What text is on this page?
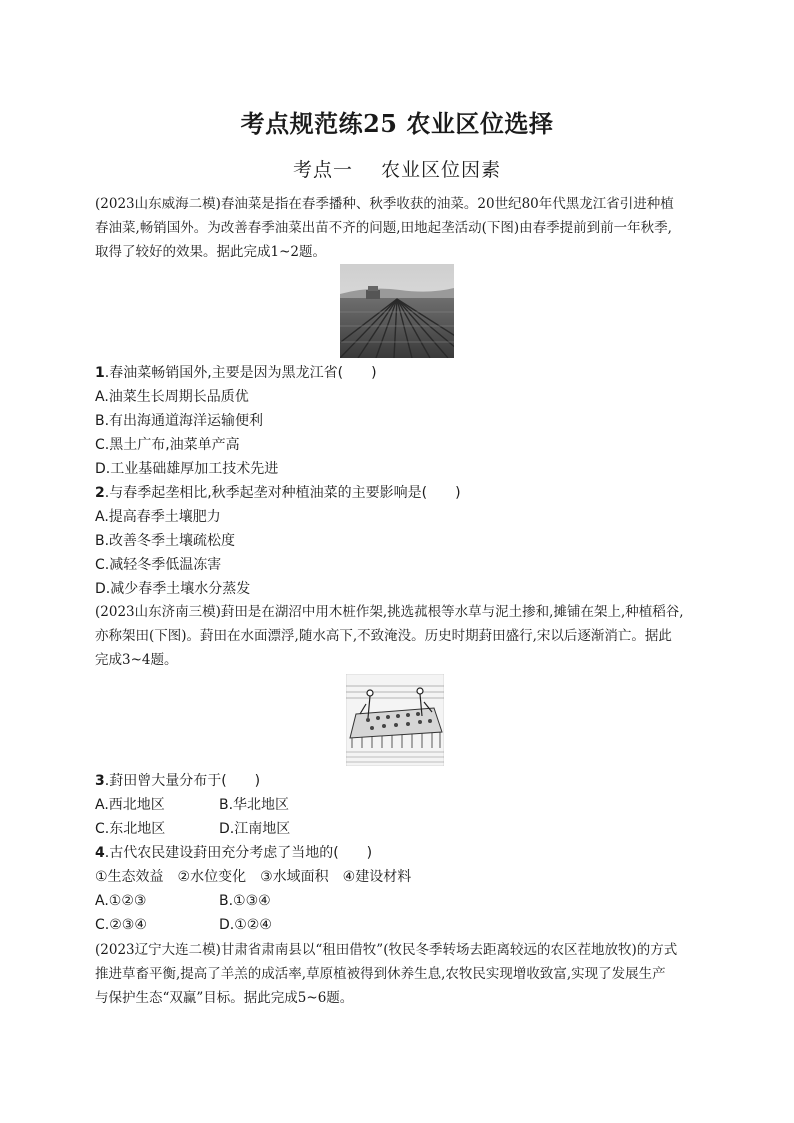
考点规范练25 农业区位选择
考点一 农业区位因素
(2023山东威海二模)春油菜是指在春季播种、秋季收获的油菜。20世纪80年代黑龙江省引进种植
春油菜,畅销国外。为改善春季油菜出苗不齐的问题,田地起垄活动(下图)由春季提前到前一年秋季,
取得了较好的效果。据此完成1~2题。
1.春油菜畅销国外,主要是因为黑龙江省(　　)
A.油菜生长周期长品质优
B.有出海通道海洋运输便利
C.黑土广布,油菜单产高
D.工业基础雄厚加工技术先进
2.与春季起垄相比,秋季起垄对种植油菜的主要影响是(　　)
A.提高春季土壤肥力
B.改善冬季土壤疏松度
C.减轻冬季低温冻害
D.减少春季土壤水分蒸发
(2023山东济南三模)葑田是在湖沼中用木桩作架,挑选菰根等水草与泥土掺和,摊铺在架上,种植稻谷,
亦称架田(下图)。葑田在水面漂浮,随水高下,不致淹没。历史时期葑田盛行,宋以后逐渐消亡。据此
完成3~4题。
3.葑田曾大量分布于(　　)
A.西北地区	B.华北地区
C.东北地区	D.江南地区
4.古代农民建设葑田充分考虑了当地的(　　)
①生态效益　②水位变化　③水域面积　④建设材料
A.①②③	B.①③④
C.②③④	D.①②④
(2023辽宁大连二模)甘肃省肃南县以“租田借牧”(牧民冬季转场去距离较远的农区茬地放牧)的方式
推进草畜平衡,提高了羊羔的成活率,草原植被得到休养生息,农牧民实现增收致富,实现了发展生产
与保护生态“双赢”目标。据此完成5~6题。
